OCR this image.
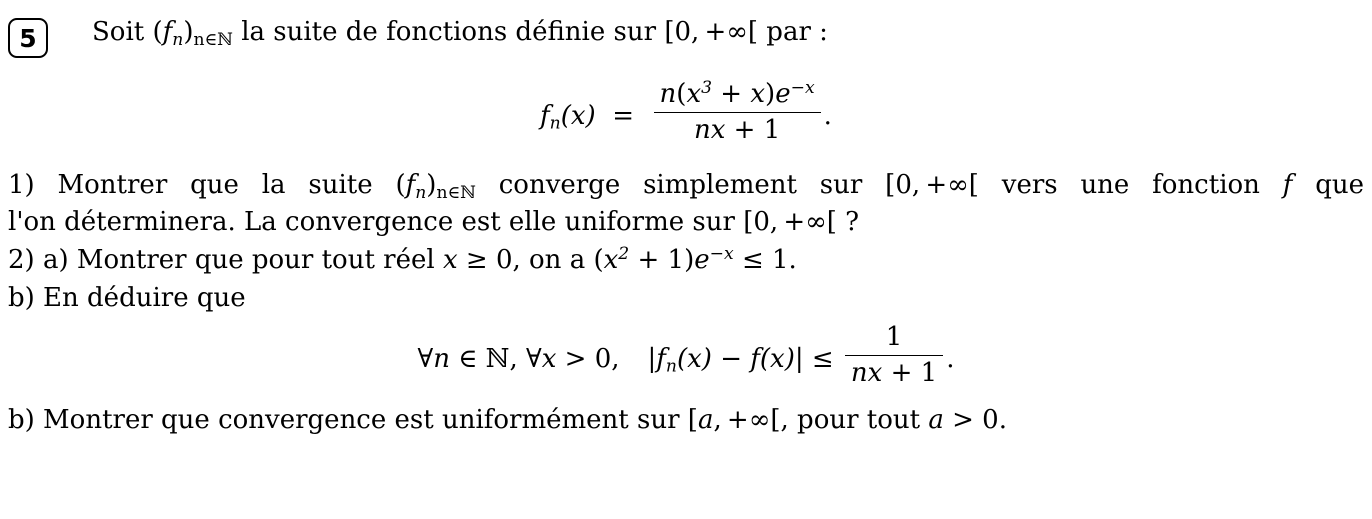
5	Soit $(f_n)_{n\in ℕ}$ la suite de fonctions définie sur [0, +∞[ par :
$f_n(x) = \frac{n(x^3 + x)e^{-x}}{nx + 1}$ .
1) Montrer que la suite $(f_n)_{n\in ℕ}$ converge simplement sur [0, +∞[ vers une fonction f que
l'on déterminera. La convergence est elle uniforme sur [0, +∞[ ?
2) a) Montrer que pour tout réel x ≥ 0, on a $(x^2 + 1)e^{-x} \le 1$.
b) En déduire que
∀n ∈ ℕ, ∀x > 0, $|f_n(x) - f(x)| \le \frac{1}{nx + 1}$ .
b) Montrer que convergence est uniformément sur [a, +∞[, pour tout a > 0.
